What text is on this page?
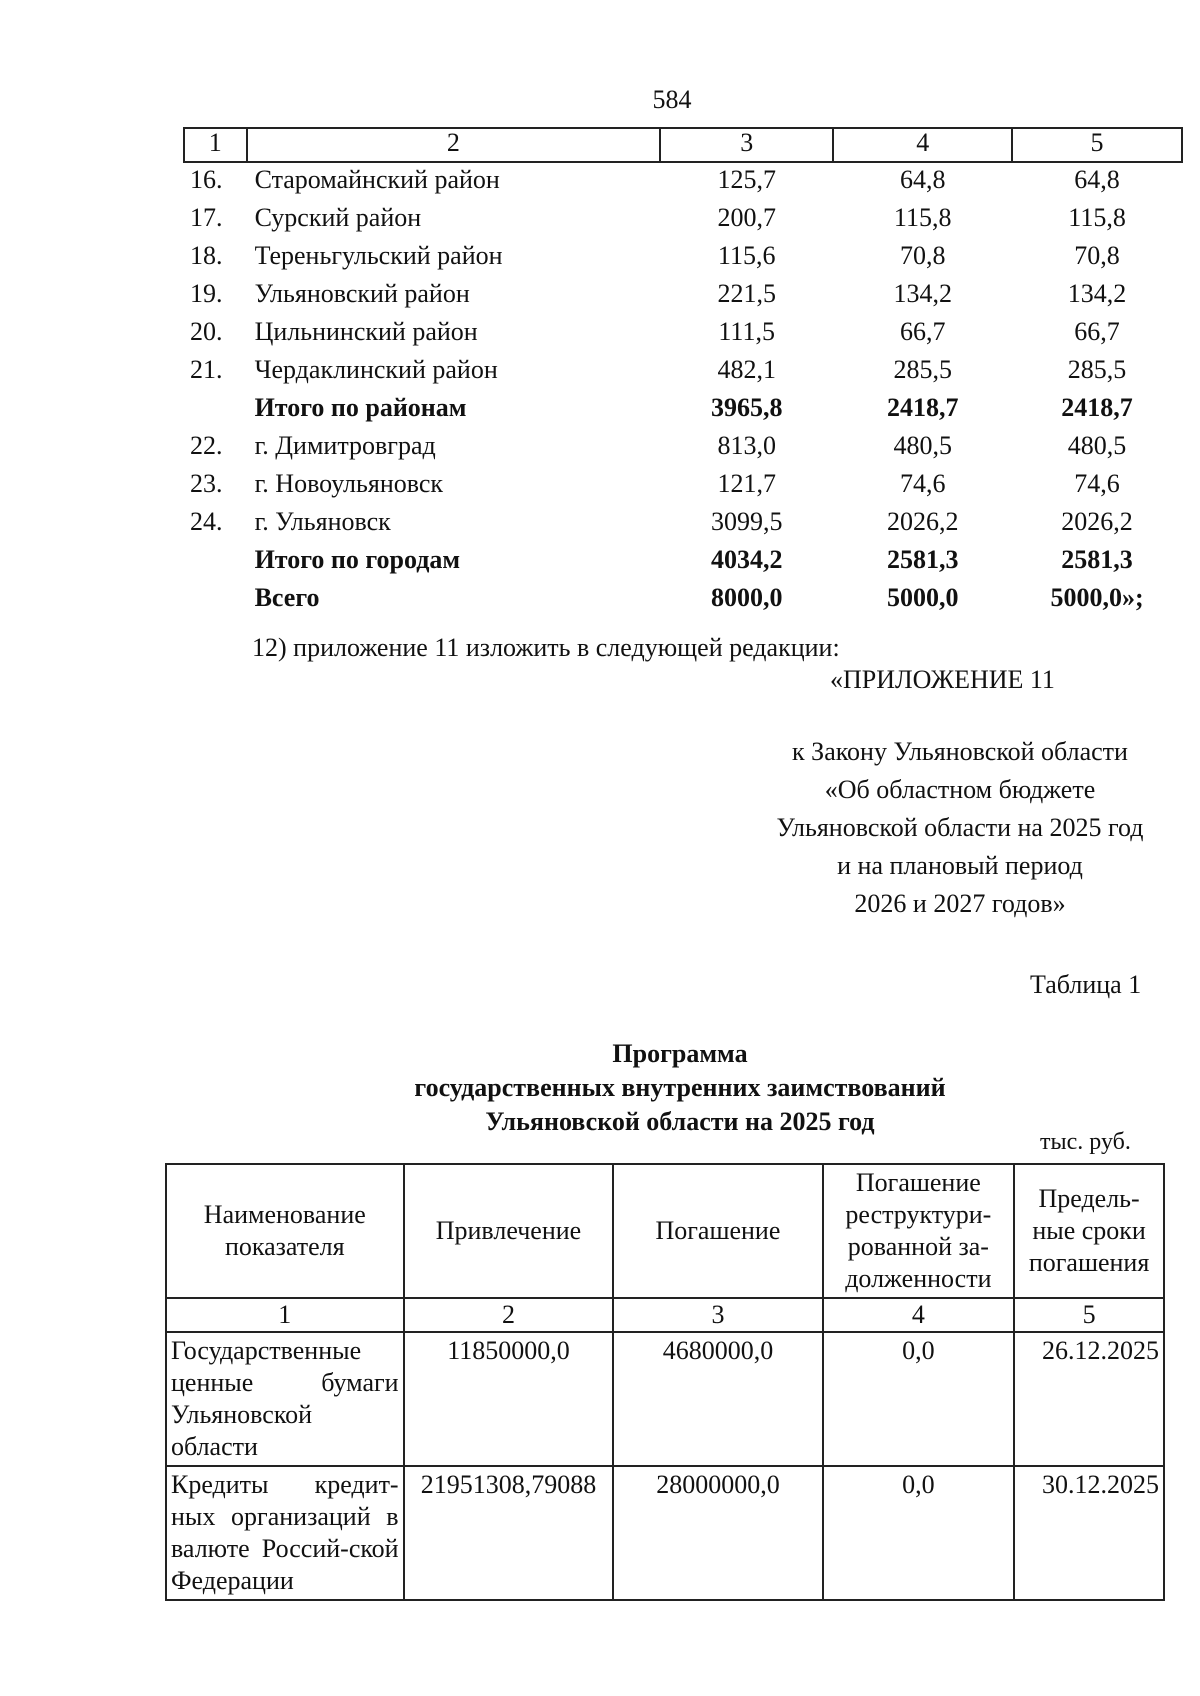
584
1	2	3	4	5
16.	Старомайнский район	125,7	64,8	64,8
17.	Сурский район	200,7	115,8	115,8
18.	Тереньгульский район	115,6	70,8	70,8
19.	Ульяновский район	221,5	134,2	134,2
20.	Цильнинский район	111,5	66,7	66,7
21.	Чердаклинский район	482,1	285,5	285,5
	Итого по районам	3965,8	2418,7	2418,7
22.	г. Димитровград	813,0	480,5	480,5
23.	г. Новоульяновск	121,7	74,6	74,6
24.	г. Ульяновск	3099,5	2026,2	2026,2
	Итого по городам	4034,2	2581,3	2581,3
	Всего	8000,0	5000,0	5000,0»;
12) приложение 11 изложить в следующей редакции:
«ПРИЛОЖЕНИЕ 11
к Закону Ульяновской области
«Об областном бюджете
Ульяновской области на 2025 год
и на плановый период
2026 и 2027 годов»
Таблица 1
Программа
государственных внутренних заимствований
Ульяновской области на 2025 год
тыс. руб.
Наименование показателя	Привлечение	Погашение	Погашение реструктури-рованной за-долженности	Предель-ные сроки погашения
1	2	3	4	5
Государственные ценные бумаги Ульяновской области	11850000,0	4680000,0	0,0	26.12.2025
Кредиты кредит-ных организаций в валюте Россий-ской Федерации	21951308,79088	28000000,0	0,0	30.12.2025
